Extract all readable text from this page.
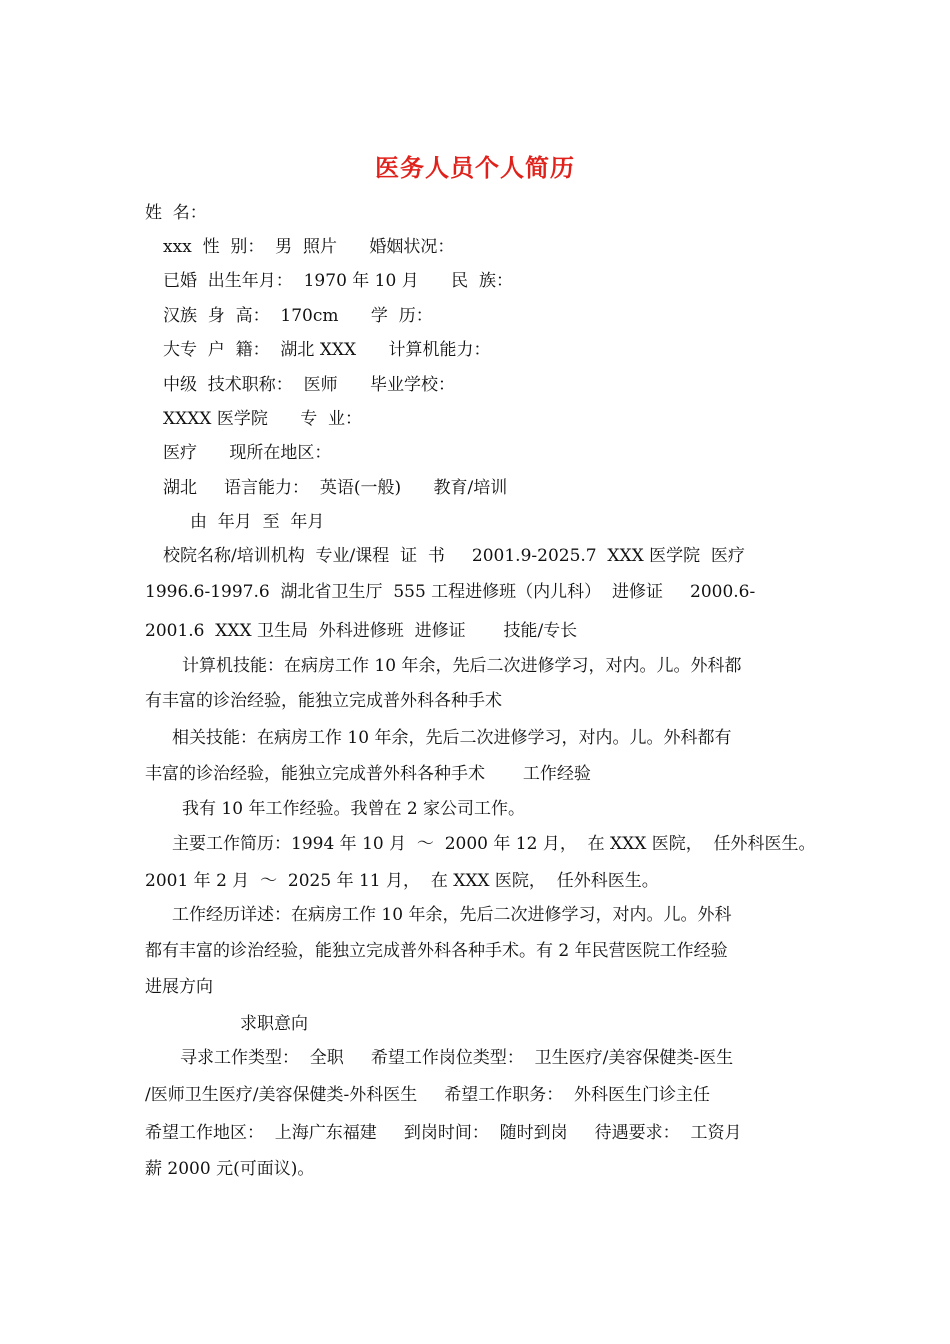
医务人员个人简历
姓  名：
xxx  性  别：  男  照片      婚姻状况：
已婚  出生年月：  1970 年 10 月      民  族：
汉族  身  高：  170cm      学  历：
大专  户  籍：  湖北 XXX      计算机能力：
中级  技术职称：  医师      毕业学校：
XXXX 医学院      专  业：
医疗      现所在地区：
湖北     语言能力：  英语(一般)      教育/培训
由  年月  至  年月
校院名称/培训机构  专业/课程  证  书     2001.9-2025.7  XXX 医学院  医疗
1996.6-1997.6  湖北省卫生厅  555 工程进修班（内儿科）  进修证     2000.6-
2001.6  XXX 卫生局  外科进修班  进修证       技能/专长
计算机技能：在病房工作 10 年余，先后二次进修学习，对内。儿。外科都
有丰富的诊治经验，能独立完成普外科各种手术
相关技能：在病房工作 10 年余，先后二次进修学习，对内。儿。外科都有
丰富的诊治经验，能独立完成普外科各种手术       工作经验
我有 10 年工作经验。我曾在 2 家公司工作。
主要工作简历：1994 年 10 月  ～  2000 年 12 月，  在 XXX 医院，  任外科医生。
2001 年 2 月  ～  2025 年 11 月，  在 XXX 医院，  任外科医生。
工作经历详述：在病房工作 10 年余，先后二次进修学习，对内。儿。外科
都有丰富的诊治经验，能独立完成普外科各种手术。有 2 年民营医院工作经验
进展方向
求职意向
寻求工作类型：  全职     希望工作岗位类型：  卫生医疗/美容保健类-医生
/医师卫生医疗/美容保健类-外科医生     希望工作职务：  外科医生门诊主任
希望工作地区：  上海广东福建     到岗时间：  随时到岗     待遇要求：  工资月
薪 2000 元(可面议)。
